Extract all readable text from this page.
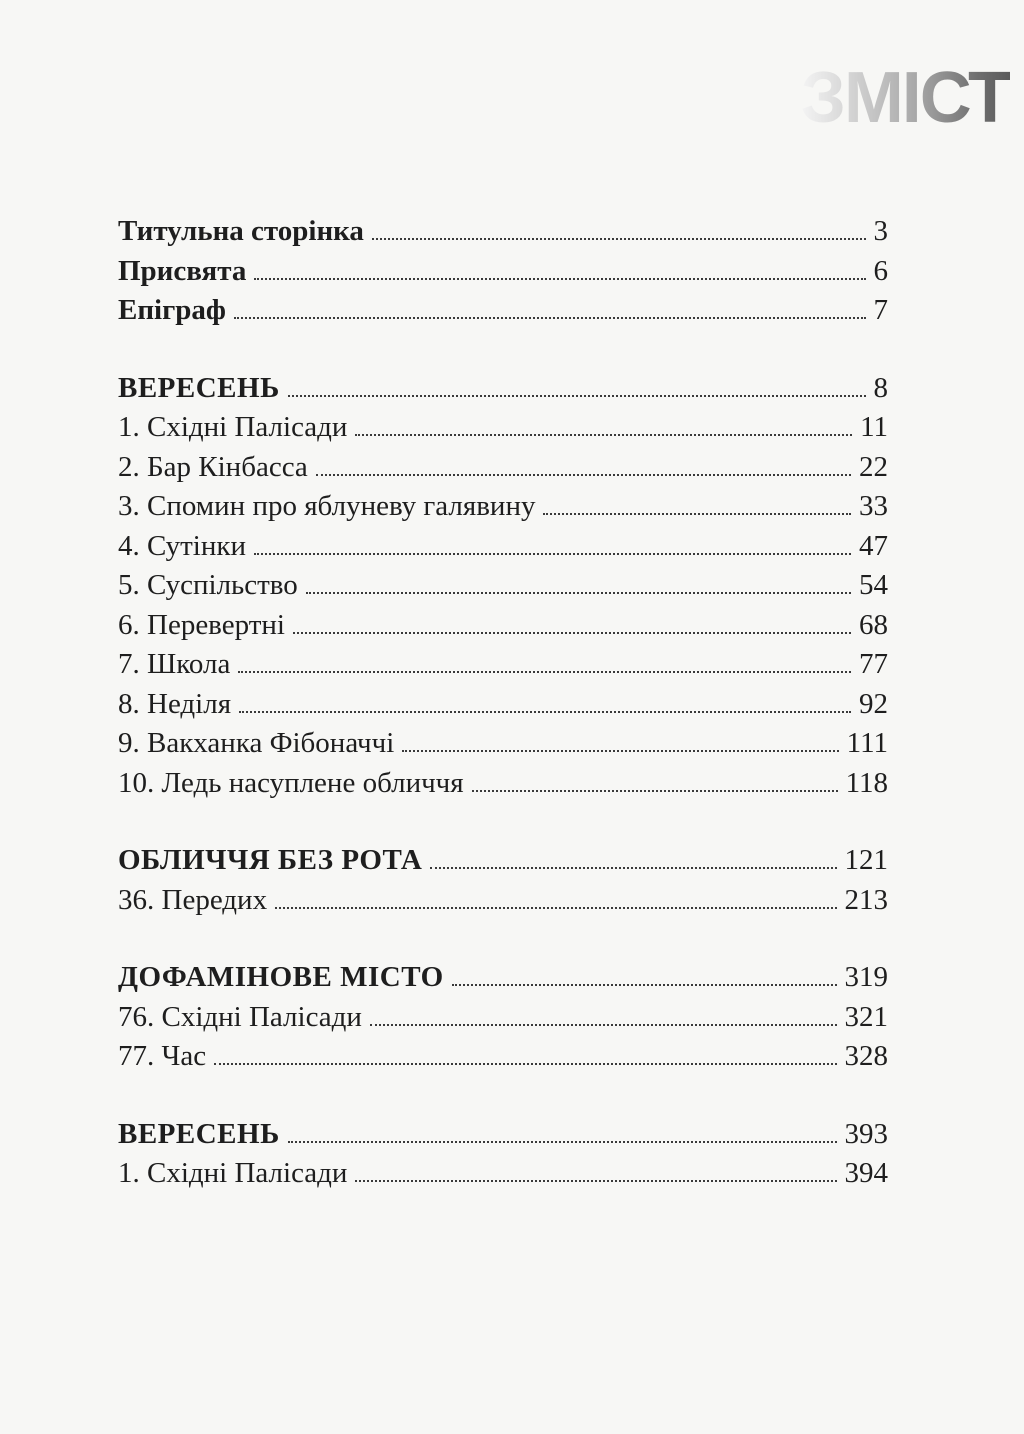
ЗМІСТ
Титульна сторінка	3
Присвята	6
Епіграф	7
ВЕРЕСЕНЬ	8
1. Східні Палісади	11
2. Бар Кінбасса	22
3. Спомин про яблуневу галявину	33
4. Сутінки	47
5. Суспільство	54
6. Перевертні	68
7. Школа	77
8. Неділя	92
9. Вакханка Фібоначчі	111
10. Ледь насуплене обличчя	118
ОБЛИЧЧЯ БЕЗ РОТА	121
36. Передих	213
ДОФАМІНОВЕ МІСТО	319
76. Східні Палісади	321
77. Час	328
ВЕРЕСЕНЬ	393
1. Східні Палісади	394
